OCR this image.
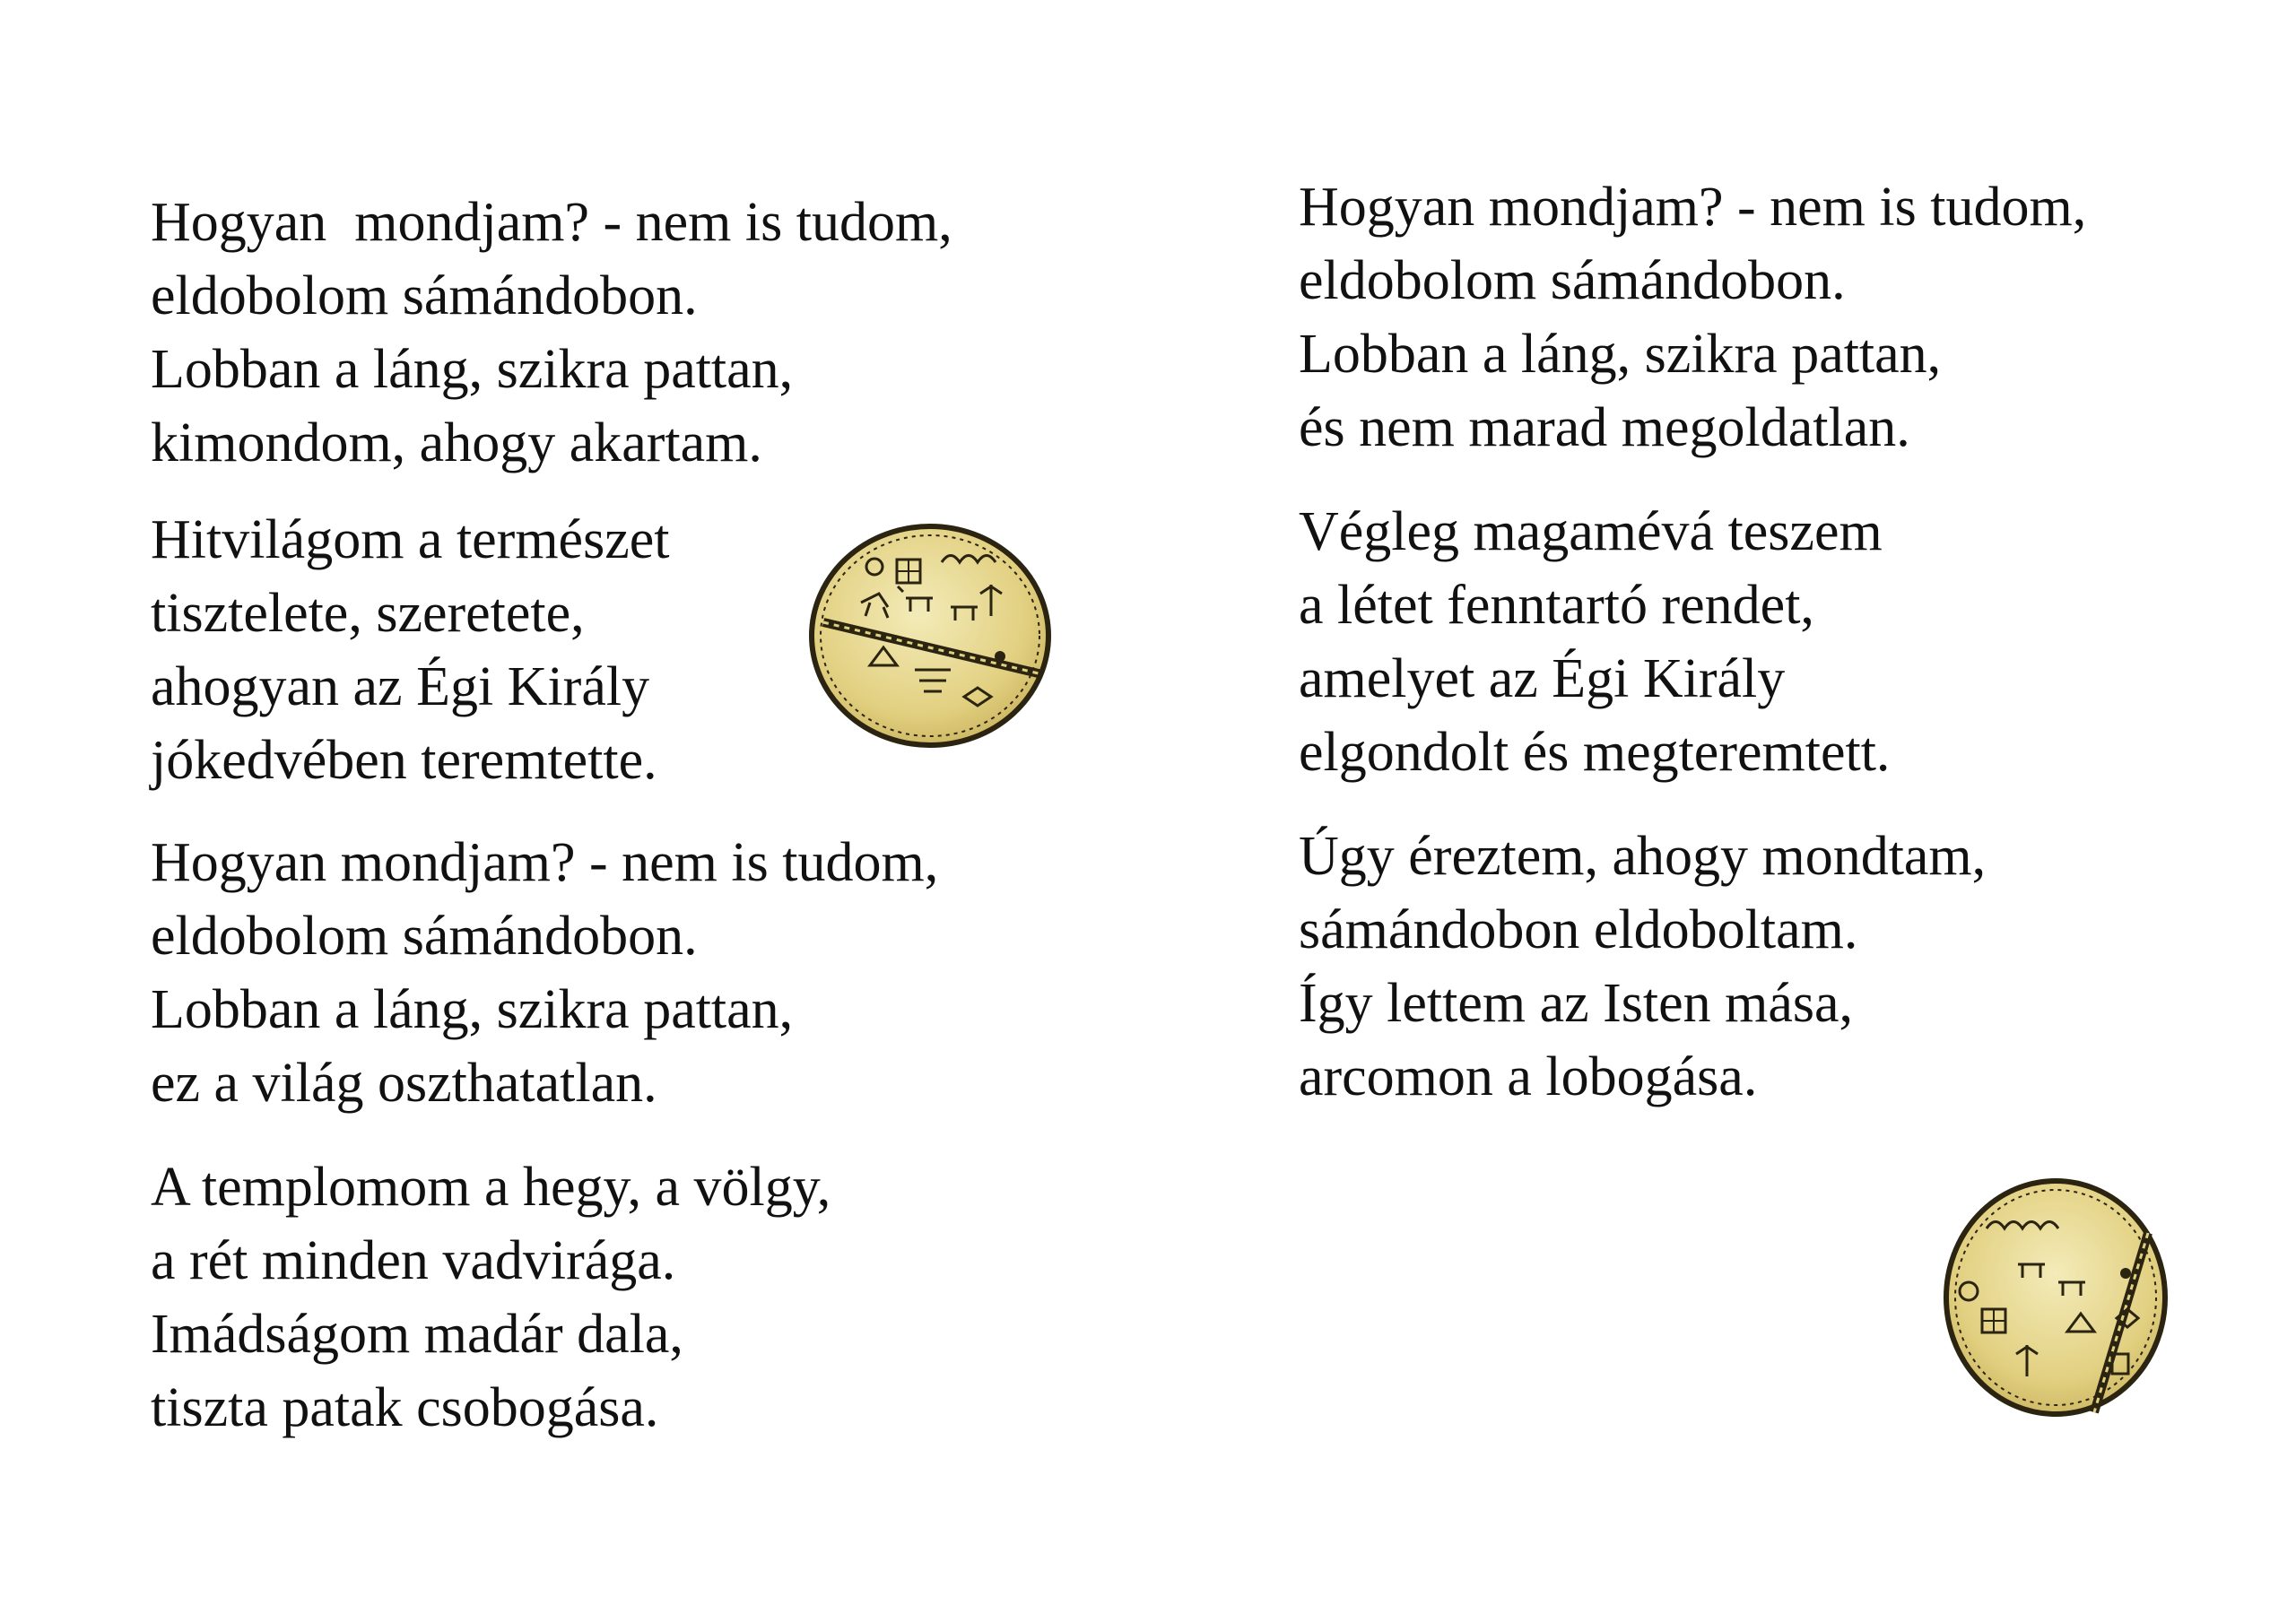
Hogyan  mondjam? - nem is tudom,
eldobolom sámándobon.
Lobban a láng, szikra pattan,
kimondom, ahogy akartam.
Hitvilágom a természet
tisztelete, szeretete,
ahogyan az Égi Király
jókedvében teremtette.
Hogyan mondjam? - nem is tudom,
eldobolom sámándobon.
Lobban a láng, szikra pattan,
ez a világ oszthatatlan.
A templomom a hegy, a völgy,
a rét minden vadvirága.
Imádságom madár dala,
tiszta patak csobogása.
Hogyan mondjam? - nem is tudom,
eldobolom sámándobon.
Lobban a láng, szikra pattan,
és nem marad megoldatlan.
Végleg magamévá teszem
a létet fenntartó rendet,
amelyet az Égi Király
elgondolt és megteremtett.
Úgy éreztem, ahogy mondtam,
sámándobon eldoboltam.
Így lettem az Isten mása,
arcomon a lobogása.
